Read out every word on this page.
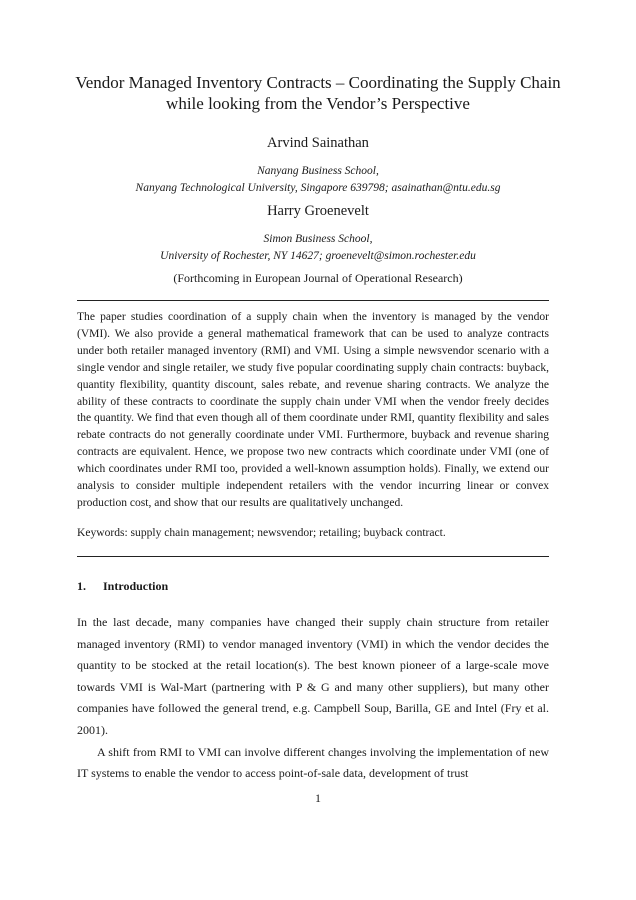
Vendor Managed Inventory Contracts – Coordinating the Supply Chain while looking from the Vendor’s Perspective
Arvind Sainathan
Nanyang Business School,
Nanyang Technological University, Singapore 639798; asainathan@ntu.edu.sg
Harry Groenevelt
Simon Business School,
University of Rochester, NY 14627; groenevelt@simon.rochester.edu
(Forthcoming in European Journal of Operational Research)
The paper studies coordination of a supply chain when the inventory is managed by the vendor (VMI). We also provide a general mathematical framework that can be used to analyze contracts under both retailer managed inventory (RMI) and VMI. Using a simple newsvendor scenario with a single vendor and single retailer, we study five popular coordinating supply chain contracts: buyback, quantity flexibility, quantity discount, sales rebate, and revenue sharing contracts. We analyze the ability of these contracts to coordinate the supply chain under VMI when the vendor freely decides the quantity. We find that even though all of them coordinate under RMI, quantity flexibility and sales rebate contracts do not generally coordinate under VMI. Furthermore, buyback and revenue sharing contracts are equivalent. Hence, we propose two new contracts which coordinate under VMI (one of which coordinates under RMI too, provided a well-known assumption holds). Finally, we extend our analysis to consider multiple independent retailers with the vendor incurring linear or convex production cost, and show that our results are qualitatively unchanged.
Keywords: supply chain management; newsvendor; retailing; buyback contract.
1. Introduction

In the last decade, many companies have changed their supply chain structure from retailer managed inventory (RMI) to vendor managed inventory (VMI) in which the vendor decides the quantity to be stocked at the retail location(s). The best known pioneer of a large-scale move towards VMI is Wal-Mart (partnering with P & G and many other suppliers), but many other companies have followed the general trend, e.g. Campbell Soup, Barilla, GE and Intel (Fry et al. 2001).

A shift from RMI to VMI can involve different changes involving the implementation of new IT systems to enable the vendor to access point-of-sale data, development of trust

1
